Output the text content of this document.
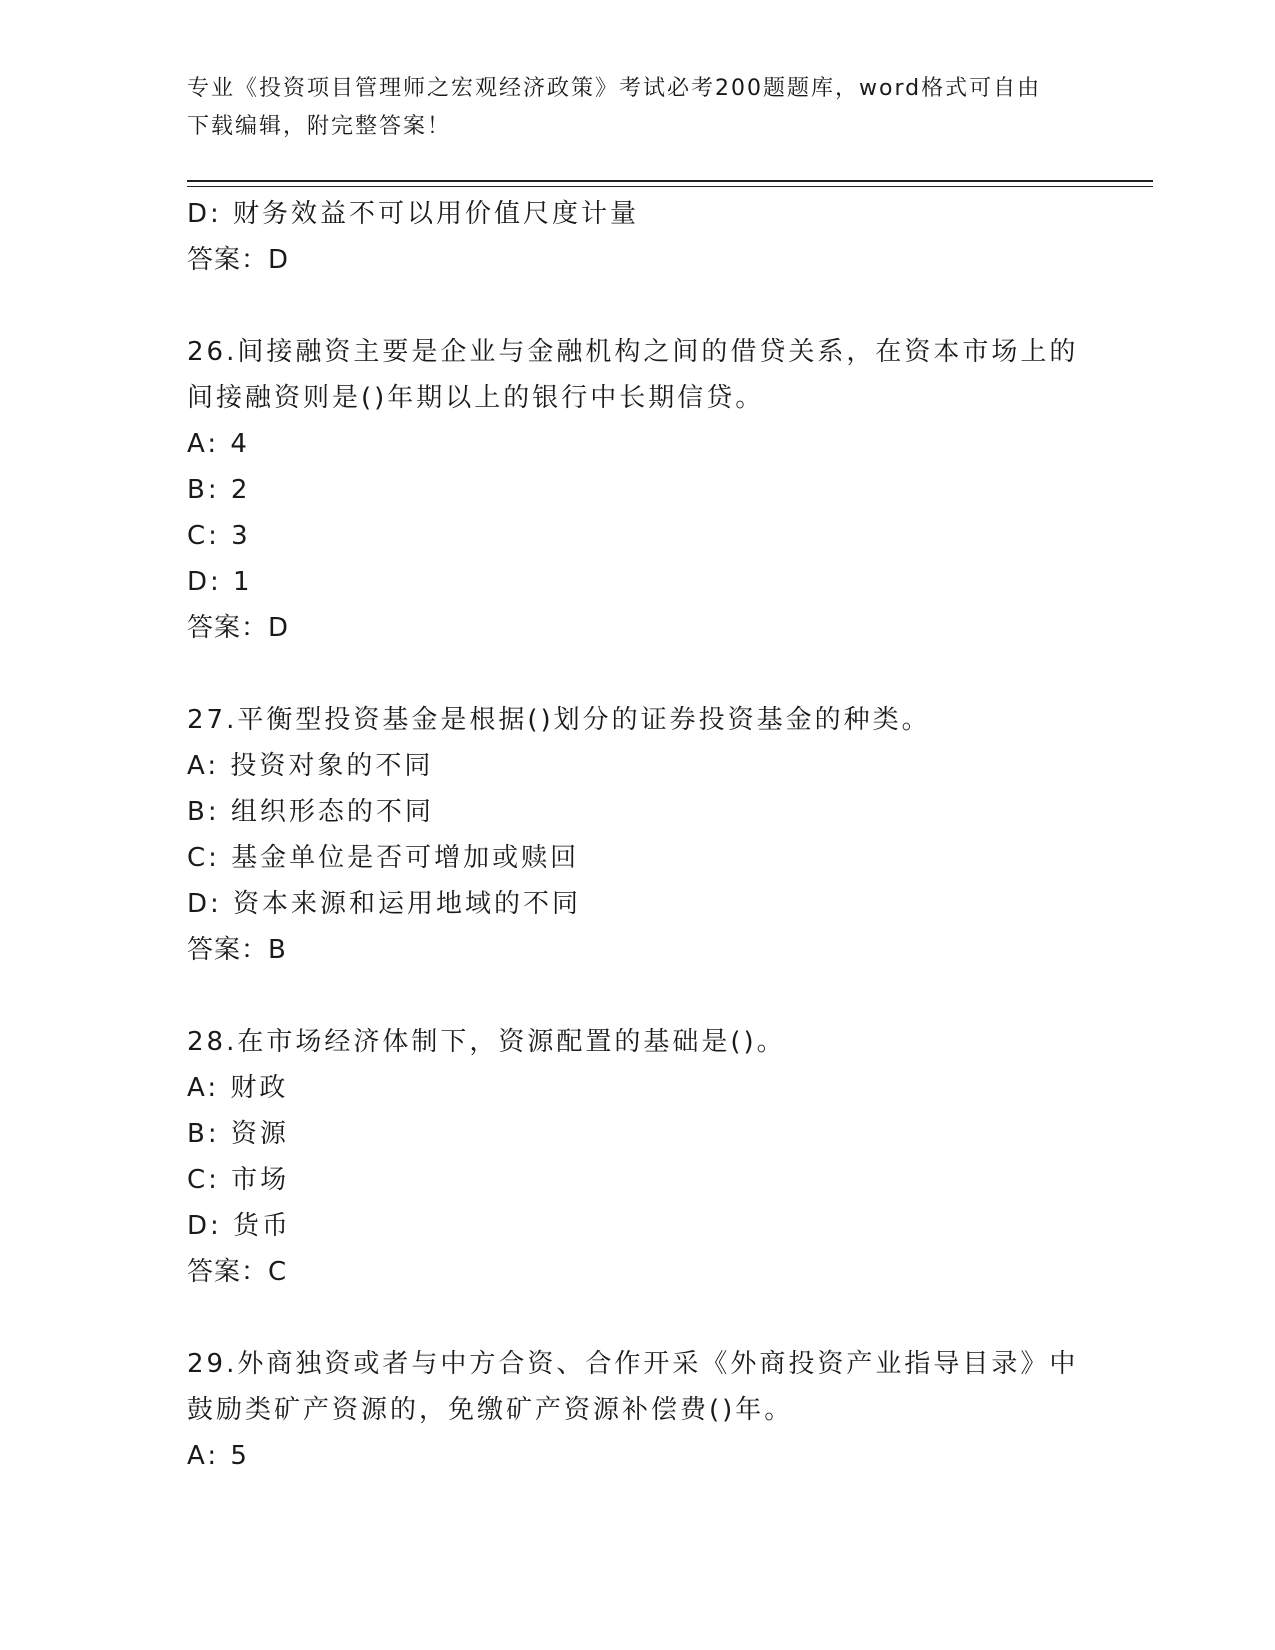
专业《投资项目管理师之宏观经济政策》考试必考200题题库，word格式可自由
下载编辑，附完整答案！
D: 财务效益不可以用价值尺度计量
答案：D
26.间接融资主要是企业与金融机构之间的借贷关系，在资本市场上的
间接融资则是()年期以上的银行中长期信贷。
A: 4
B: 2
C: 3
D: 1
答案：D
27.平衡型投资基金是根据()划分的证券投资基金的种类。
A: 投资对象的不同
B: 组织形态的不同
C: 基金单位是否可增加或赎回
D: 资本来源和运用地域的不同
答案：B
28.在市场经济体制下，资源配置的基础是()。
A: 财政
B: 资源
C: 市场
D: 货币
答案：C
29.外商独资或者与中方合资、合作开采《外商投资产业指导目录》中
鼓励类矿产资源的，免缴矿产资源补偿费()年。
A: 5
